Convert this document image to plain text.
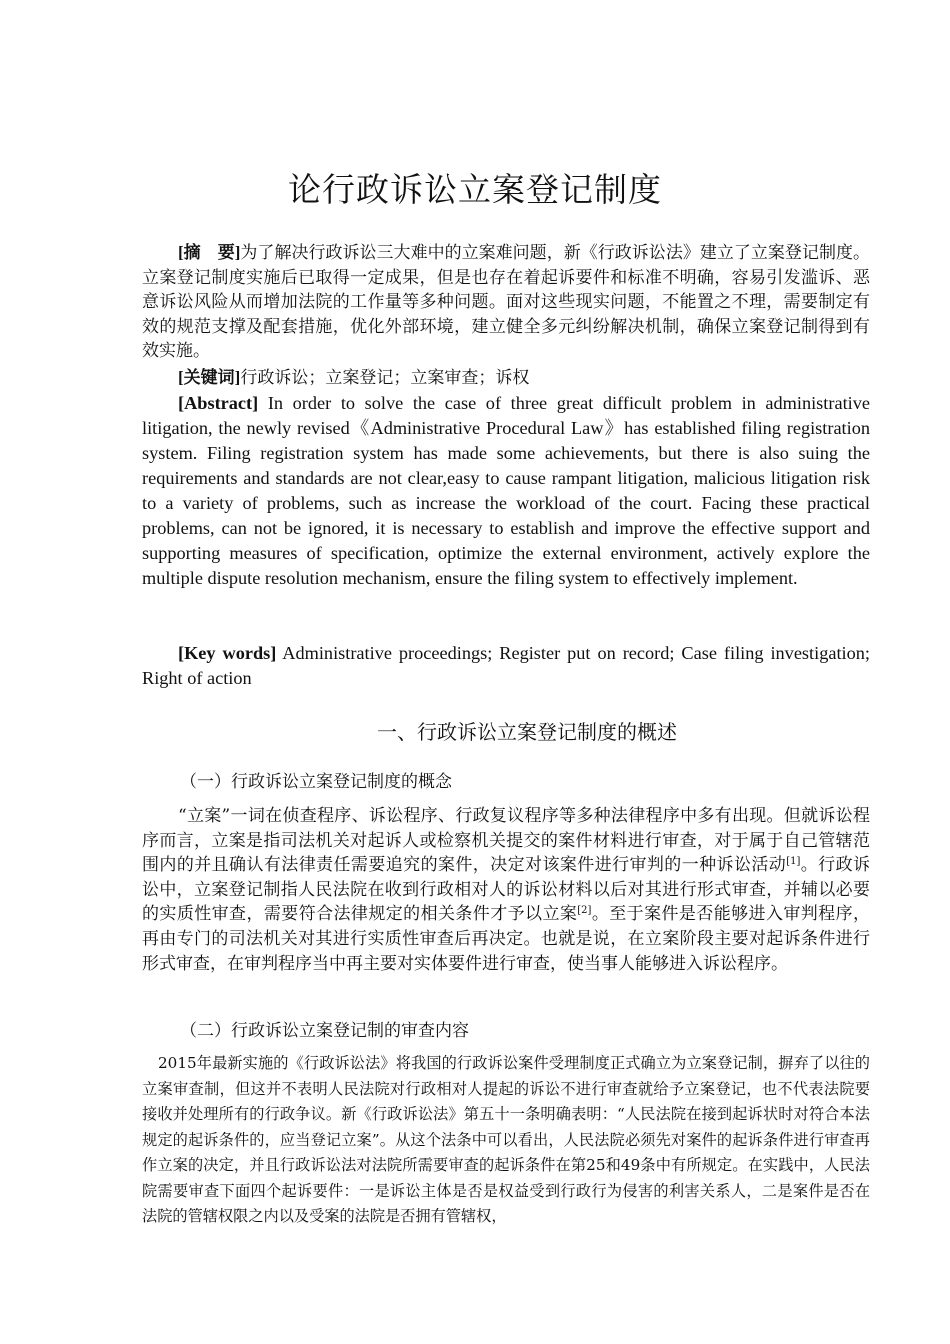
论行政诉讼立案登记制度
[摘　要]为了解决行政诉讼三大难中的立案难问题，新《行政诉讼法》建立了立案登记制度。立案登记制度实施后已取得一定成果，但是也存在着起诉要件和标准不明确，容易引发滥诉、恶意诉讼风险从而增加法院的工作量等多种问题。面对这些现实问题，不能置之不理，需要制定有效的规范支撑及配套措施，优化外部环境，建立健全多元纠纷解决机制，确保立案登记制得到有效实施。
[关键词]行政诉讼；立案登记；立案审查；诉权
[Abstract] In order to solve the case of three great difficult problem in administrative litigation, the newly revised《Administrative Procedural Law》has established filing registration system. Filing registration system has made some achievements, but there is also suing the requirements and standards are not clear,easy to cause rampant litigation, malicious litigation risk to a variety of problems, such as increase the workload of the court. Facing these practical problems, can not be ignored, it is necessary to establish and improve the effective support and supporting measures of specification, optimize the external environment, actively explore the multiple dispute resolution mechanism, ensure the filing system to effectively implement.
[Key words] Administrative proceedings; Register put on record; Case filing investigation; Right of action
一、行政诉讼立案登记制度的概述
（一）行政诉讼立案登记制度的概念
“立案”一词在侦查程序、诉讼程序、行政复议程序等多种法律程序中多有出现。但就诉讼程序而言，立案是指司法机关对起诉人或检察机关提交的案件材料进行审查，对于属于自己管辖范围内的并且确认有法律责任需要追究的案件，决定对该案件进行审判的一种诉讼活动[1]。行政诉讼中，立案登记制指人民法院在收到行政相对人的诉讼材料以后对其进行形式审查，并辅以必要的实质性审查，需要符合法律规定的相关条件才予以立案[2]。至于案件是否能够进入审判程序，再由专门的司法机关对其进行实质性审查后再决定。也就是说，在立案阶段主要对起诉条件进行形式审查，在审判程序当中再主要对实体要件进行审查，使当事人能够进入诉讼程序。
（二）行政诉讼立案登记制的审查内容
2015年最新实施的《行政诉讼法》将我国的行政诉讼案件受理制度正式确立为立案登记制，摒弃了以往的立案审查制，但这并不表明人民法院对行政相对人提起的诉讼不进行审查就给予立案登记，也不代表法院要接收并处理所有的行政争议。新《行政诉讼法》第五十一条明确表明：“人民法院在接到起诉状时对符合本法规定的起诉条件的，应当登记立案”。从这个法条中可以看出，人民法院必须先对案件的起诉条件进行审查再作立案的决定，并且行政诉讼法对法院所需要审查的起诉条件在第25和49条中有所规定。在实践中，人民法院需要审查下面四个起诉要件：一是诉讼主体是否是权益受到行政行为侵害的利害关系人，二是案件是否在法院的管辖权限之内以及受案的法院是否拥有管辖权，
